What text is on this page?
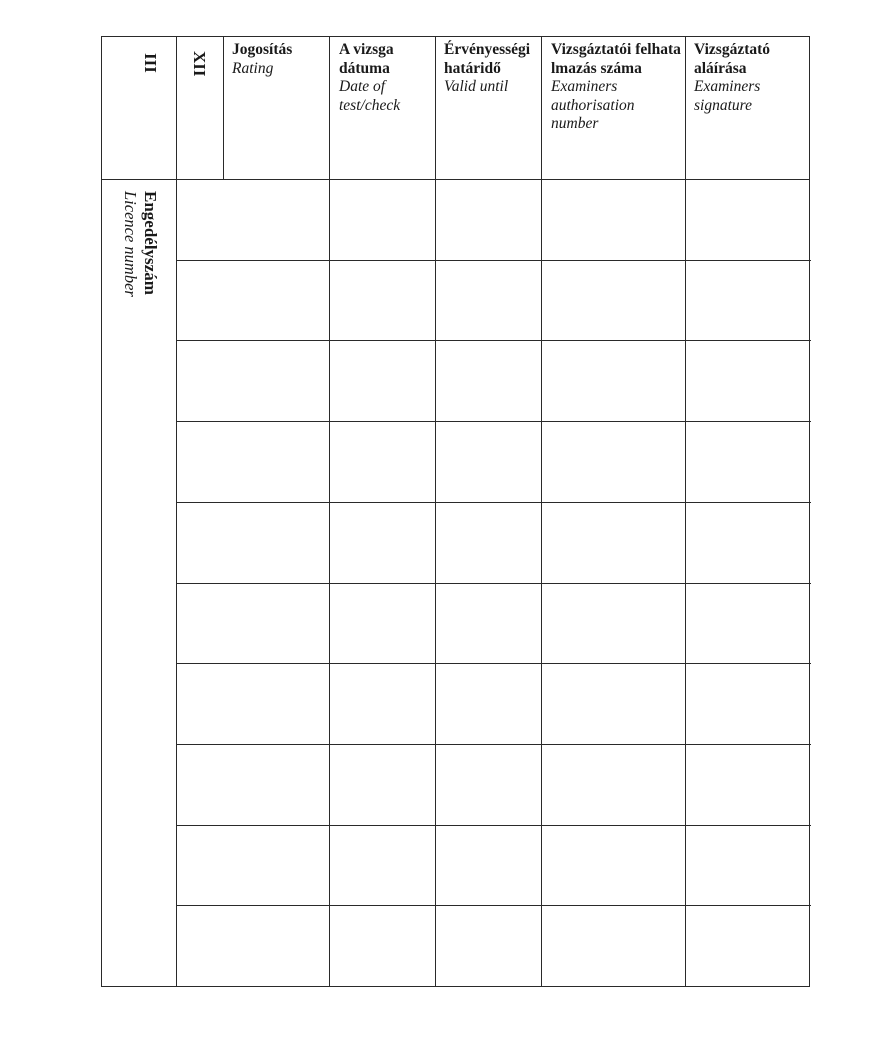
III XII
Engedélyszám
Licence number
Jogosítás
Rating
A vizsga dátuma
Date of test/check
Érvényességi határidő
Valid until
Vizsgáztatói felhatalmazás száma
Examiners authorisation number
Vizsgáztató aláírása
Examiners signature
